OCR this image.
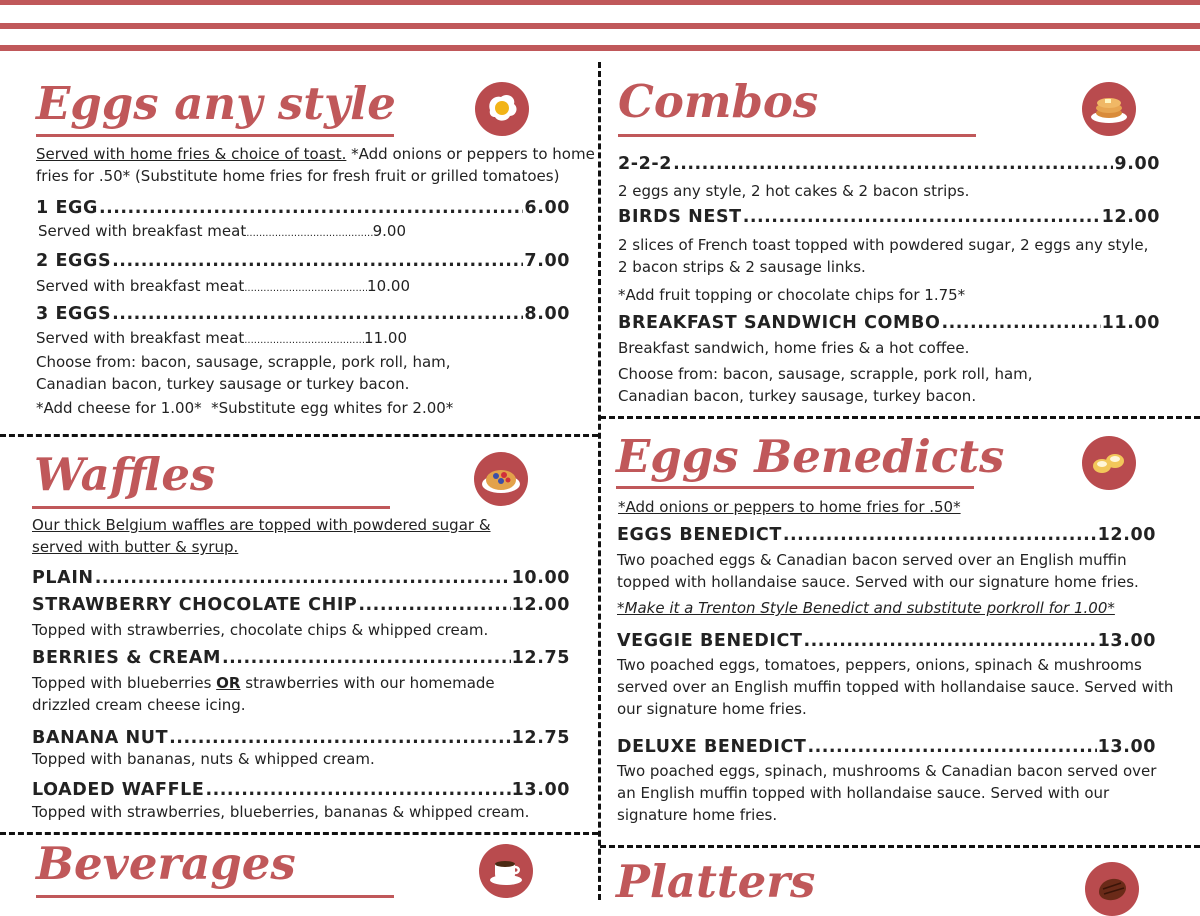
Eggs any style
Served with home fries & choice of toast. *Add onions or peppers to home fries for .50* (Substitute home fries for fresh fruit or grilled tomatoes)
1 EGG .....	6.00
Served with breakfast meat .....	9.00
2 EGGS .....	7.00
Served with breakfast meat .....	10.00
3 EGGS .....	8.00
Served with breakfast meat .....	11.00
Choose from: bacon, sausage, scrapple, pork roll, ham, Canadian bacon, turkey sausage or turkey bacon.
*Add cheese for 1.00*  *Substitute egg whites for 2.00*
Waffles
Our thick Belgium waffles are topped with powdered sugar & served with butter & syrup.
PLAIN .....	10.00
STRAWBERRY CHOCOLATE CHIP .....	12.00
Topped with strawberries, chocolate chips & whipped cream.
BERRIES & CREAM .....	12.75
Topped with blueberries OR strawberries with our homemade drizzled cream cheese icing.
BANANA NUT .....	12.75
Topped with bananas, nuts & whipped cream.
LOADED WAFFLE .....	13.00
Topped with strawberries, blueberries, bananas & whipped cream.
Beverages
Combos
2-2-2 .....	9.00
2 eggs any style, 2 hot cakes & 2 bacon strips.
BIRDS NEST .....	12.00
2 slices of French toast topped with powdered sugar, 2 eggs any style, 2 bacon strips & 2 sausage links.
*Add fruit topping or chocolate chips for 1.75*
BREAKFAST SANDWICH COMBO .....	11.00
Breakfast sandwich, home fries & a hot coffee.
Choose from: bacon, sausage, scrapple, pork roll, ham, Canadian bacon, turkey sausage, turkey bacon.
Eggs Benedicts
*Add onions or peppers to home fries for .50*
EGGS BENEDICT .....	12.00
Two poached eggs & Canadian bacon served over an English muffin topped with hollandaise sauce. Served with our signature home fries.
*Make it a Trenton Style Benedict and substitute porkroll for 1.00*
VEGGIE BENEDICT .....	13.00
Two poached eggs, tomatoes, peppers, onions, spinach & mushrooms served over an English muffin topped with hollandaise sauce. Served with our signature home fries.
DELUXE BENEDICT .....	13.00
Two poached eggs, spinach, mushrooms & Canadian bacon served over an English muffin topped with hollandaise sauce. Served with our signature home fries.
Platters
